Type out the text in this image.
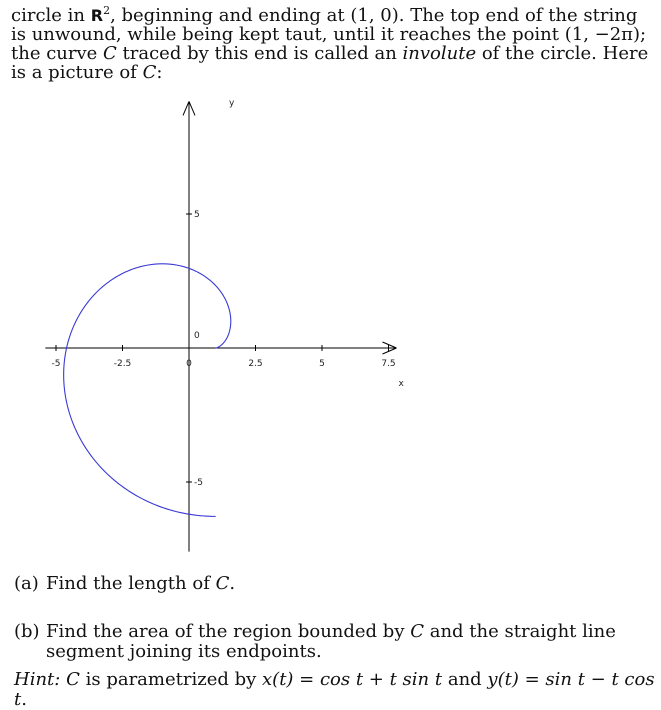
circle in $R^2$, beginning and ending at (1, 0). The top end of the string is unwound, while being kept taut, until it reaches the point (1, −2π); the curve C traced by this end is called an involute of the circle. Here is a picture of C:

-5	-2.5	0	2.5	5	7.5
-5
0
5
x
y
(a) Find the length of C.
(b) Find the area of the region bounded by C and the straight line segment joining its endpoints.
Hint: C is parametrized by x(t) = cos t + t sin t and y(t) = sin t − t cos t.
